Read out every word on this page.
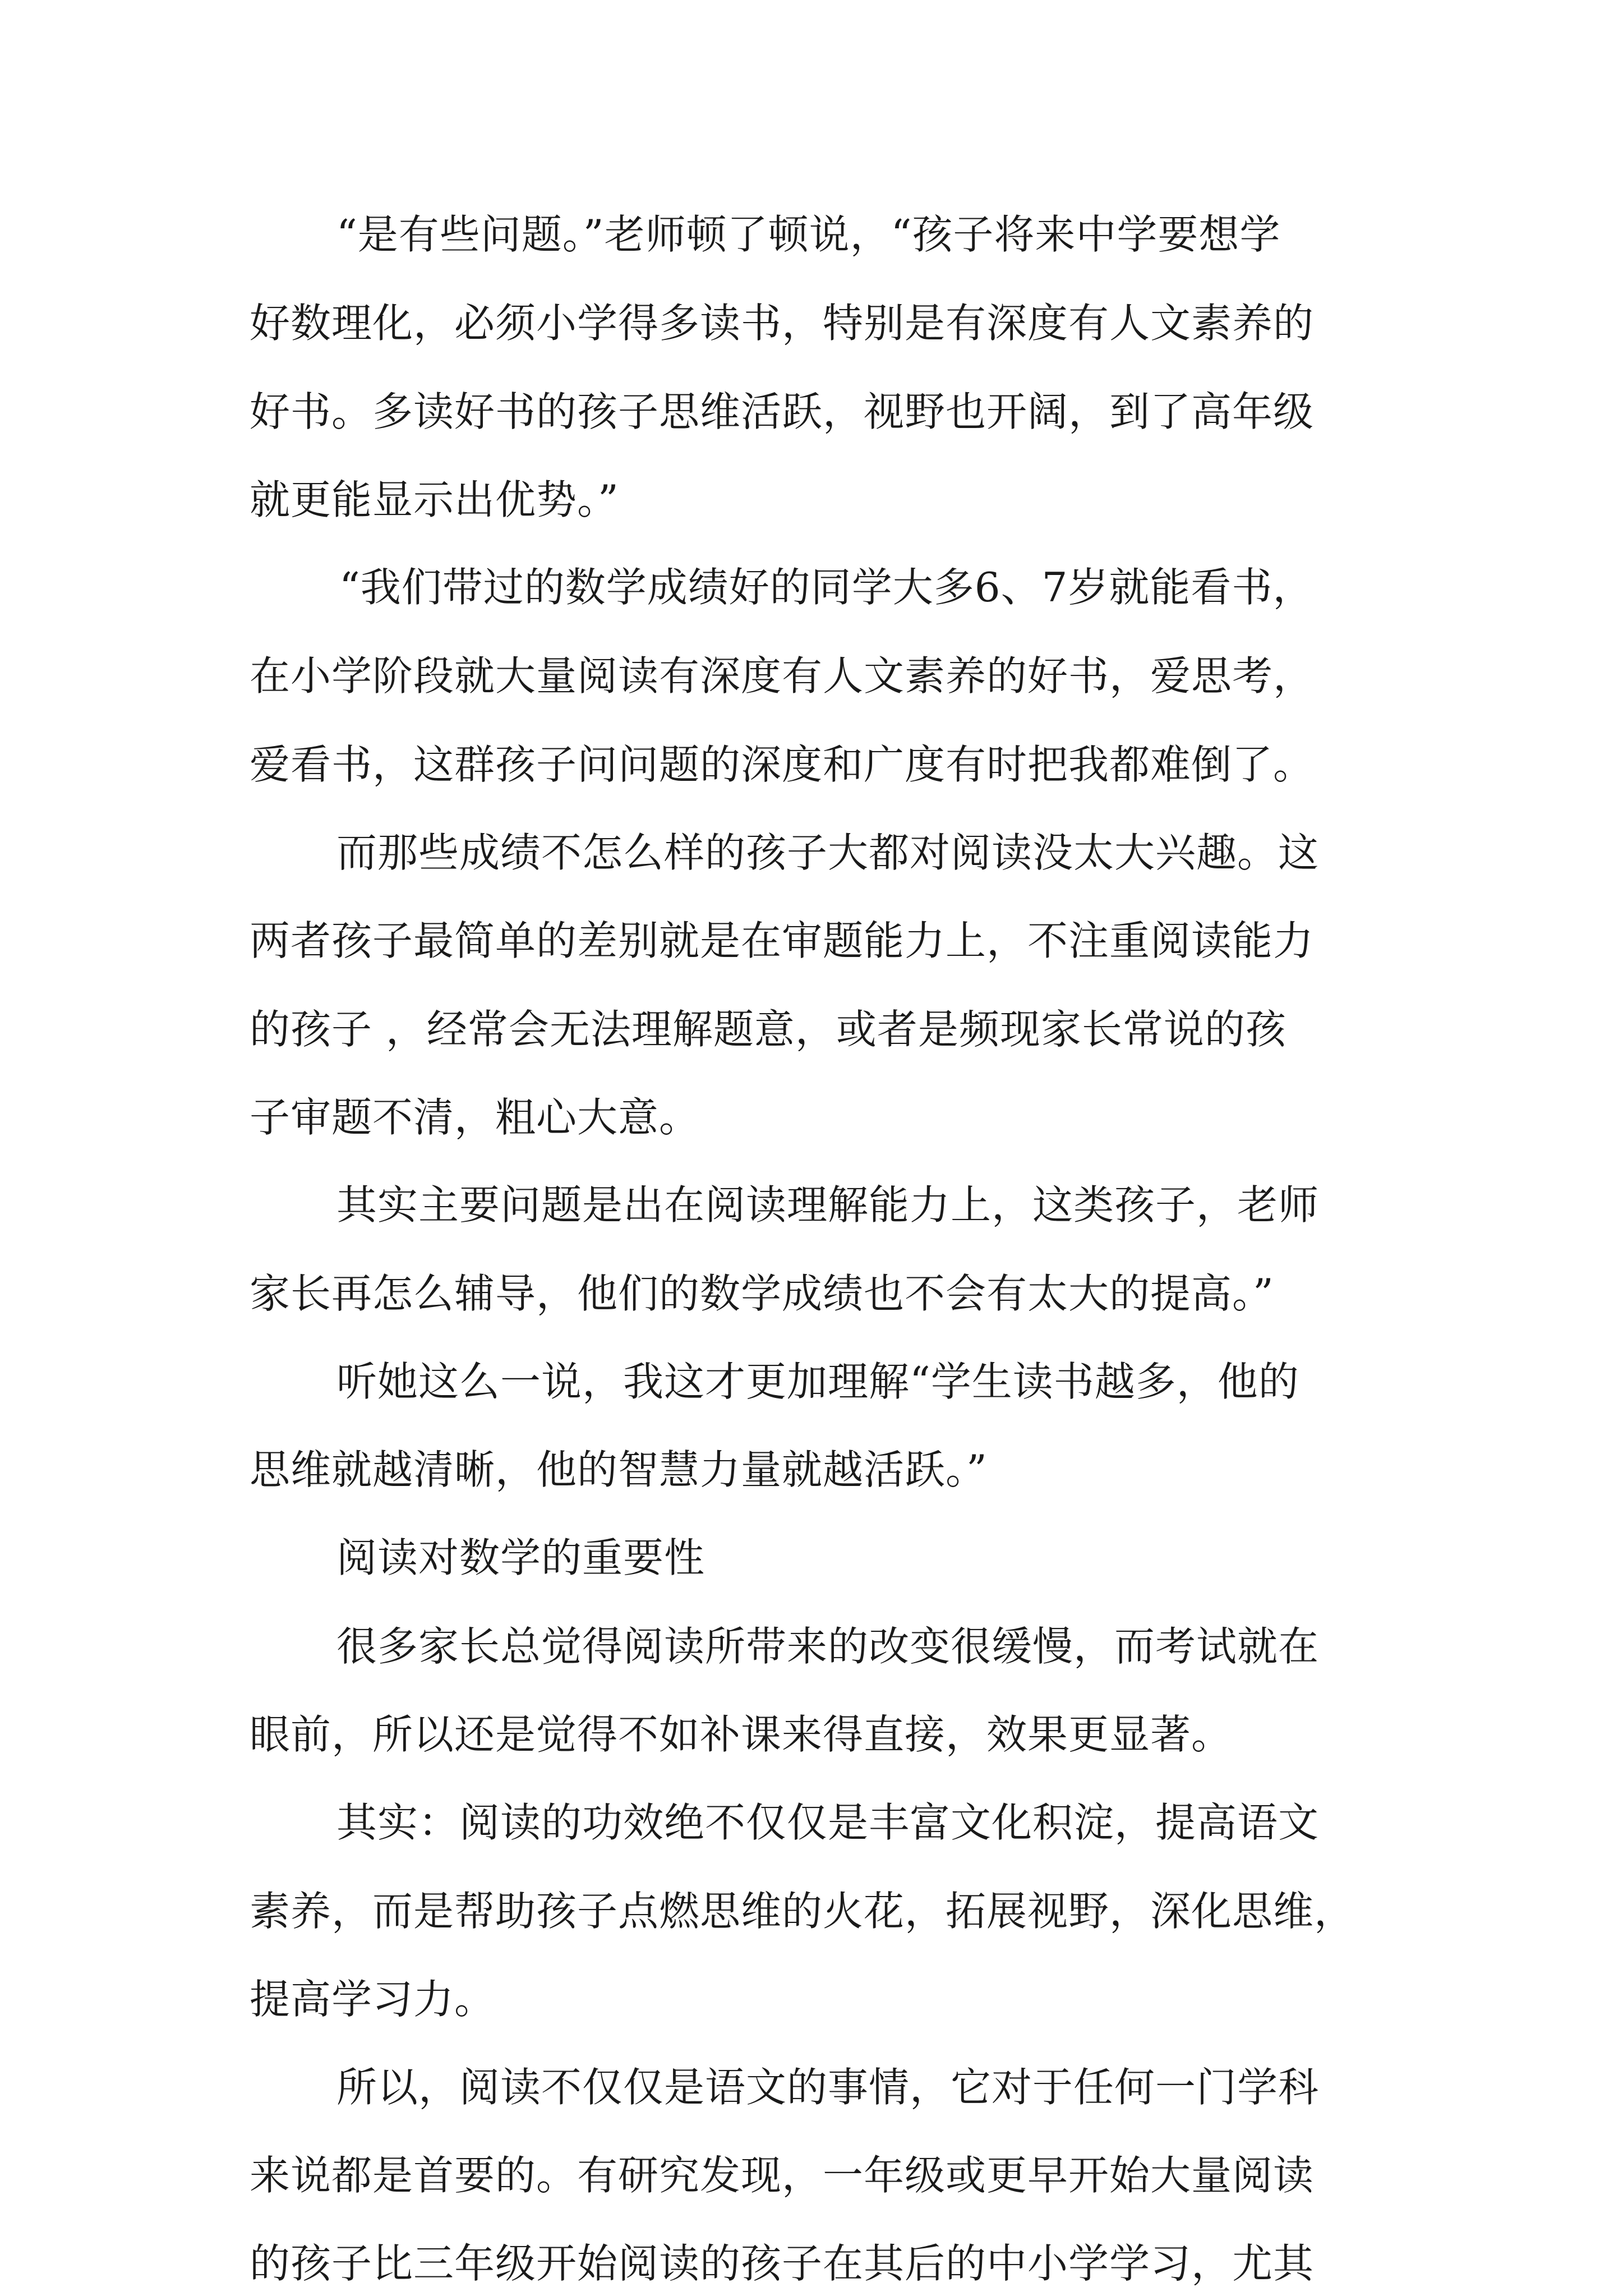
“是有些问题。”老师顿了顿说，“孩子将来中学要想学

好数理化，必须小学得多读书，特别是有深度有人文素养的

好书。多读好书的孩子思维活跃，视野也开阔，到了高年级

就更能显示出优势。”

“我们带过的数学成绩好的同学大多6、7岁就能看书，

在小学阶段就大量阅读有深度有人文素养的好书，爱思考，

爱看书，这群孩子问问题的深度和广度有时把我都难倒了。

而那些成绩不怎么样的孩子大都对阅读没太大兴趣。这

两者孩子最简单的差别就是在审题能力上，不注重阅读能力

的孩子 ，经常会无法理解题意，或者是频现家长常说的孩

子审题不清，粗心大意。

其实主要问题是出在阅读理解能力上，这类孩子，老师

家长再怎么辅导，他们的数学成绩也不会有太大的提高。”

听她这么一说，我这才更加理解“学生读书越多，他的

思维就越清晰，他的智慧力量就越活跃。”

阅读对数学的重要性

很多家长总觉得阅读所带来的改变很缓慢，而考试就在

眼前，所以还是觉得不如补课来得直接，效果更显著。

其实：阅读的功效绝不仅仅是丰富文化积淀，提高语文

素养，而是帮助孩子点燃思维的火花，拓展视野，深化思维，

提高学习力。

所以，阅读不仅仅是语文的事情，它对于任何一门学科

来说都是首要的。有研究发现，一年级或更早开始大量阅读

的孩子比三年级开始阅读的孩子在其后的中小学学习，尤其
